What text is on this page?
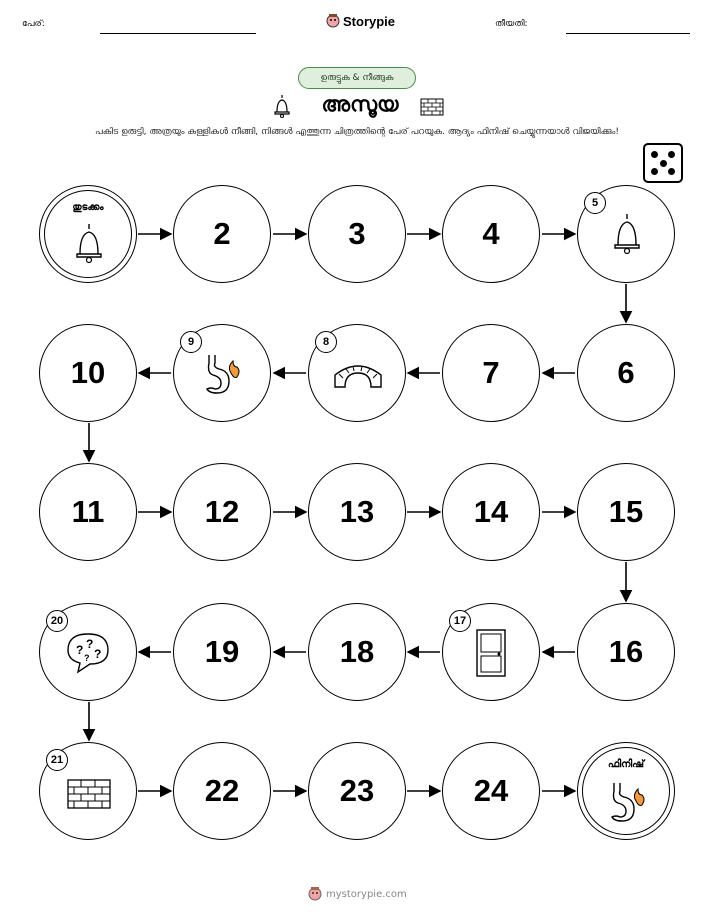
പേര്:	Storypie	തീയതി:
ഉരുട്ടുക & നീങ്ങുക
അസൂയ
പകിട ഉരുട്ടി, അത്രയും കള്ളികൾ നീങ്ങി, നിങ്ങൾ എത്തുന്ന ചിത്രത്തിന്റെ പേര് പറയുക. ആദ്യം ഫിനിഷ് ചെയ്യുന്നയാൾ വിജയിക്കും!
തുടക്കം
2	3	4
5
6
7
8
9
10
11	12	13	14	15
16
17
18
19
? ?
?
?
20
21
22	23	24
ഫിനിഷ്
mystorypie.com
